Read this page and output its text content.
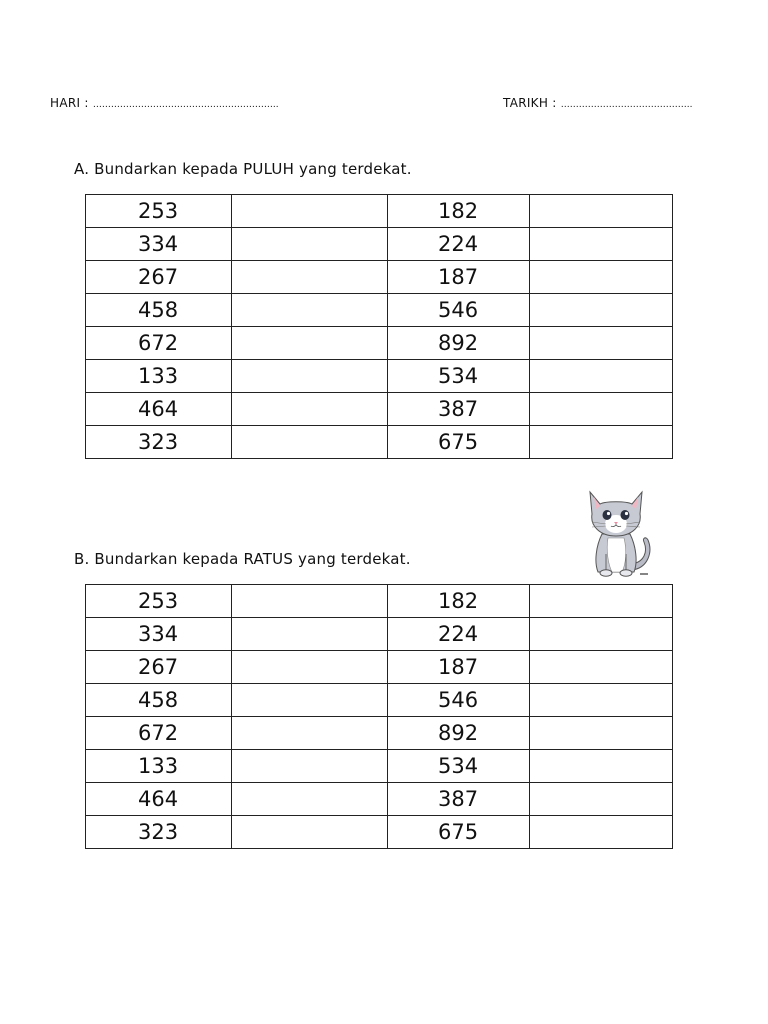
HARI : ……………………………………………………..	TARIKH : ……………………………………..
A. Bundarkan kepada PULUH yang terdekat.
253		182	
334		224	
267		187	
458		546	
672		892	
133		534	
464		387	
323		675	
B. Bundarkan kepada RATUS yang terdekat.
253		182	
334		224	
267		187	
458		546	
672		892	
133		534	
464		387	
323		675	
